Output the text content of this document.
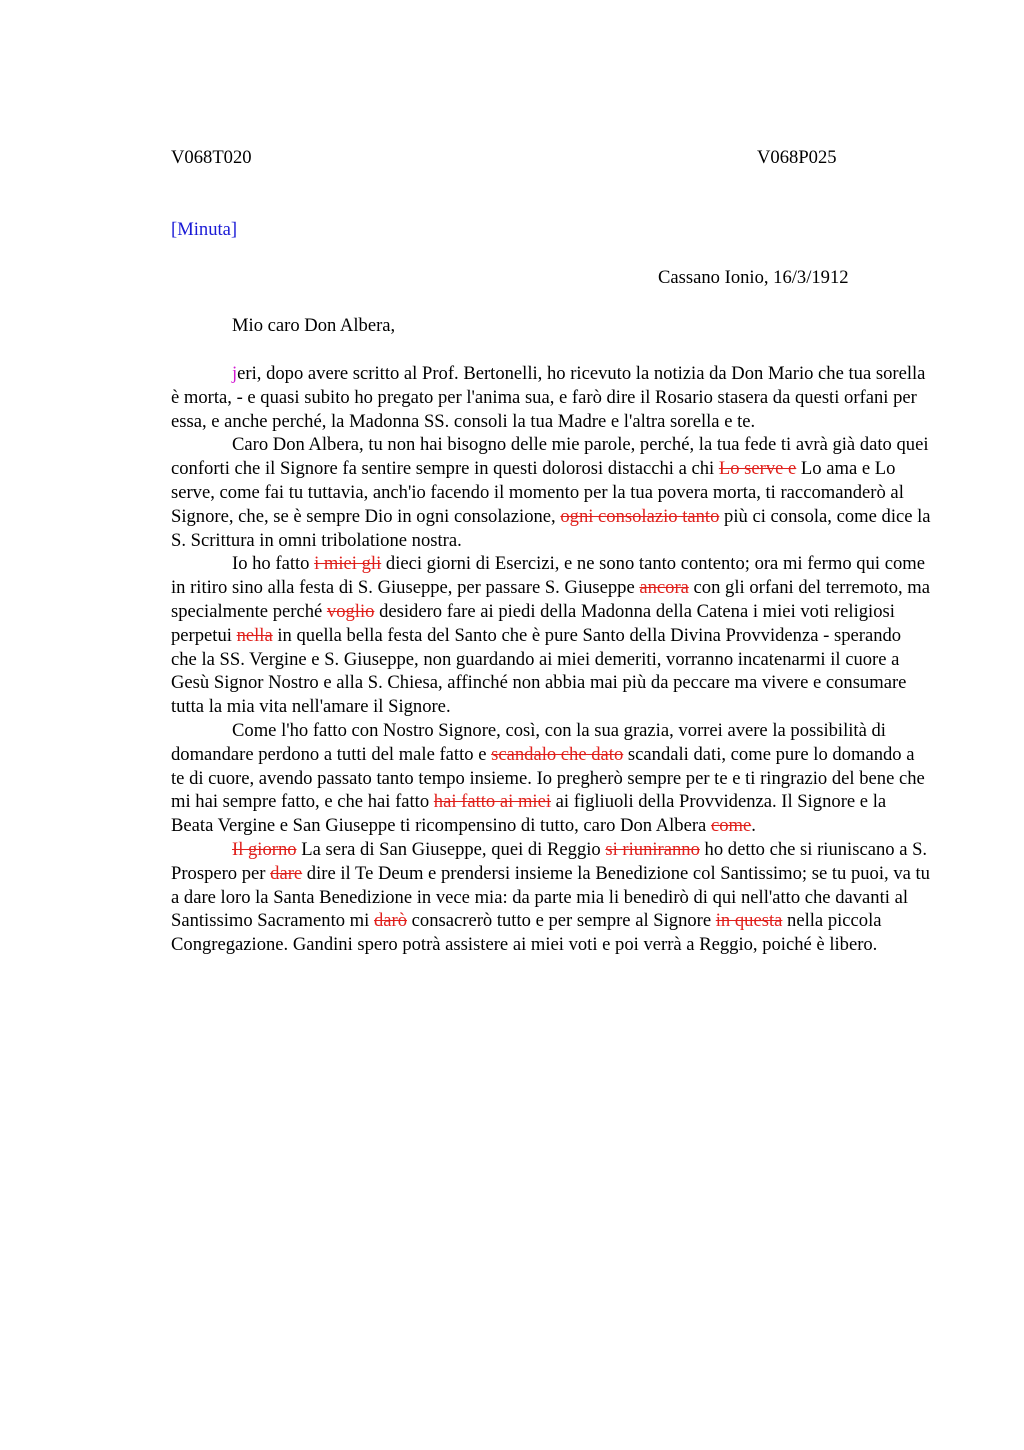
V068T020	V068P025
[Minuta]
Cassano Ionio, 16/3/1912
Mio caro Don Albera,

jeri, dopo avere scritto al Prof. Bertonelli, ho ricevuto la notizia da Don Mario che tua sorella è morta, - e quasi subito ho pregato per l'anima sua, e farò dire il Rosario stasera da questi orfani per essa, e anche perché, la Madonna SS. consoli la tua Madre e l'altra sorella e te.

Caro Don Albera, tu non hai bisogno delle mie parole, perché, la tua fede ti avrà già dato quei conforti che il Signore fa sentire sempre in questi dolorosi distacchi a chi Lo serve e Lo ama e Lo serve, come fai tu tuttavia, anch'io facendo il momento per la tua povera morta, ti raccomanderò al Signore, che, se è sempre Dio in ogni consolazione, ogni consolazio tanto più ci consola, come dice la S. Scrittura in omni tribolatione nostra.

Io ho fatto i miei gli dieci giorni di Esercizi, e ne sono tanto contento; ora mi fermo qui come in ritiro sino alla festa di S. Giuseppe, per passare S. Giuseppe ancora con gli orfani del terremoto, ma specialmente perché voglio desidero fare ai piedi della Madonna della Catena i miei voti religiosi perpetui nella in quella bella festa del Santo che è pure Santo della Divina Provvidenza - sperando che la SS. Vergine e S. Giuseppe, non guardando ai miei demeriti, vorranno incatenarmi il cuore a Gesù Signor Nostro e alla S. Chiesa, affinché non abbia mai più da peccare ma vivere e consumare tutta la mia vita nell'amare il Signore.

Come l'ho fatto con Nostro Signore, così, con la sua grazia, vorrei avere la possibilità di domandare perdono a tutti del male fatto e scandalo che dato scandali dati, come pure lo domando a te di cuore, avendo passato tanto tempo insieme. Io pregherò sempre per te e ti ringrazio del bene che mi hai sempre fatto, e che hai fatto hai fatto ai miei ai figliuoli della Provvidenza. Il Signore e la Beata Vergine e San Giuseppe ti ricompensino di tutto, caro Don Albera come.

Il giorno La sera di San Giuseppe, quei di Reggio si riuniranno ho detto che si riuniscano a S. Prospero per dare dire il Te Deum e prendersi insieme la Benedizione col Santissimo; se tu puoi, va tu a dare loro la Santa Benedizione in vece mia: da parte mia li benedirò di qui nell'atto che davanti al Santissimo Sacramento mi darò consacrerò tutto e per sempre al Signore in questa nella piccola Congregazione. Gandini spero potrà assistere ai miei voti e poi verrà a Reggio, poiché è libero.
